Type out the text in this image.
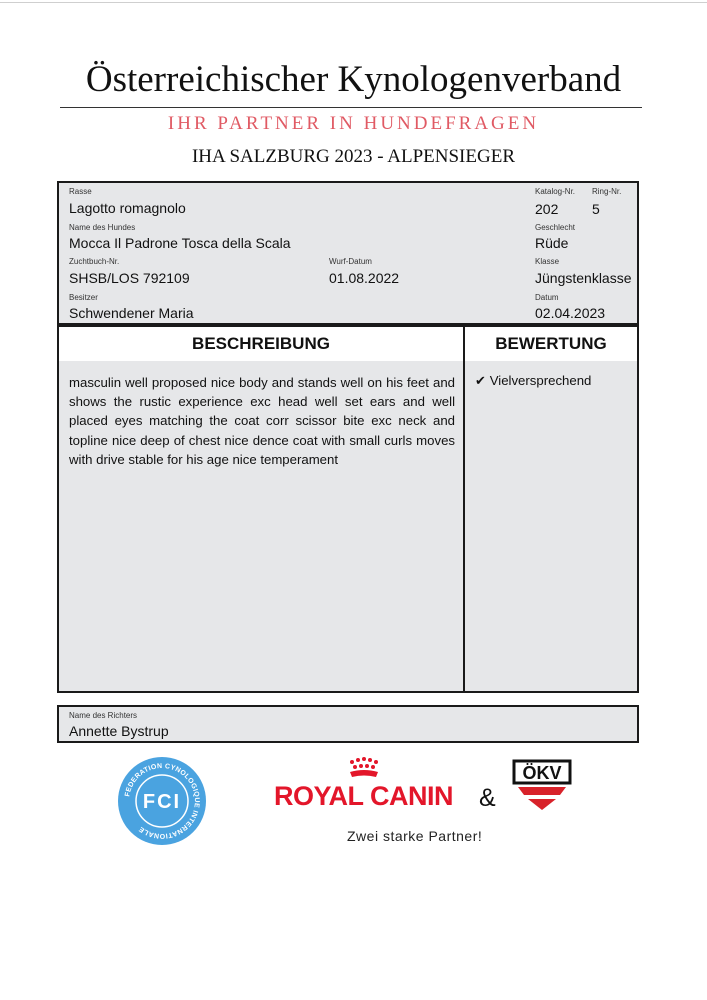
Österreichischer Kynologenverband
IHR PARTNER IN HUNDEFRAGEN
IHA SALZBURG 2023 - ALPENSIEGER
Rasse
Lagotto romagnolo
Katalog-Nr.
202
Ring-Nr.
5
Name des Hundes
Mocca Il Padrone Tosca della Scala
Geschlecht
Rüde
Zuchtbuch-Nr.
SHSB/LOS 792109
Wurf-Datum
01.08.2022
Klasse
Jüngstenklasse
Besitzer
Schwendener Maria
Datum
02.04.2023
BESCHREIBUNG	BEWERTUNG
masculin well proposed nice body and stands well on his feet and shows the rustic experience exc head well set ears and well placed eyes matching the coat corr scissor bite exc neck and topline nice deep of chest nice dence coat with small curls moves with drive stable for his age nice temperament
✔ Vielversprechend
Name des Richters
Annette Bystrup
FEDERATION CYNOLOGIQUE INTERNATIONALE
FCI	ROYAL CANIN &
ÖKV
Zwei starke Partner!
